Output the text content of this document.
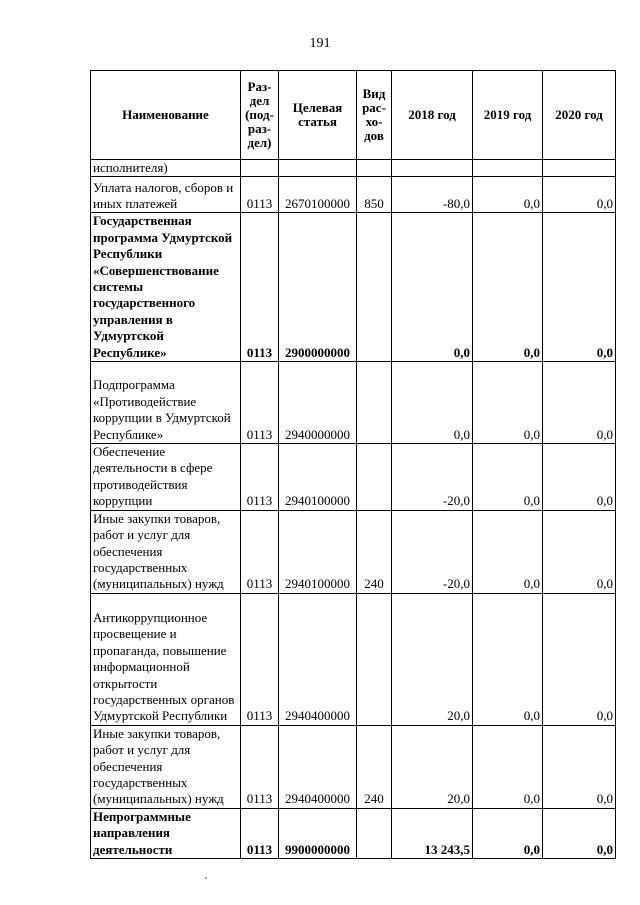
191
Наименование	Раз-дел (под-раз-дел)	Целевая статья	Вид рас-хо-дов	2018 год	2019 год	2020 год
исполнителя)						
Уплата налогов, сборов и иных платежей	0113	2670100000	850	-80,0	0,0	0,0
Государственная программа Удмуртской Республики «Совершенствование системы государственного управления в Удмуртской Республике»	0113	2900000000		0,0	0,0	0,0
Подпрограмма «Противодействие коррупции в Удмуртской Республике»	0113	2940000000		0,0	0,0	0,0
Обеспечение деятельности в сфере противодействия коррупции	0113	2940100000		-20,0	0,0	0,0
Иные закупки товаров, работ и услуг для обеспечения государственных (муниципальных) нужд	0113	2940100000	240	-20,0	0,0	0,0
Антикоррупционное просвещение и пропаганда, повышение информационной открытости государственных органов Удмуртской Республики	0113	2940400000		20,0	0,0	0,0
Иные закупки товаров, работ и услуг для обеспечения государственных (муниципальных) нужд	0113	2940400000	240	20,0	0,0	0,0
Непрограммные направления деятельности	0113	9900000000		13 243,5	0,0	0,0
